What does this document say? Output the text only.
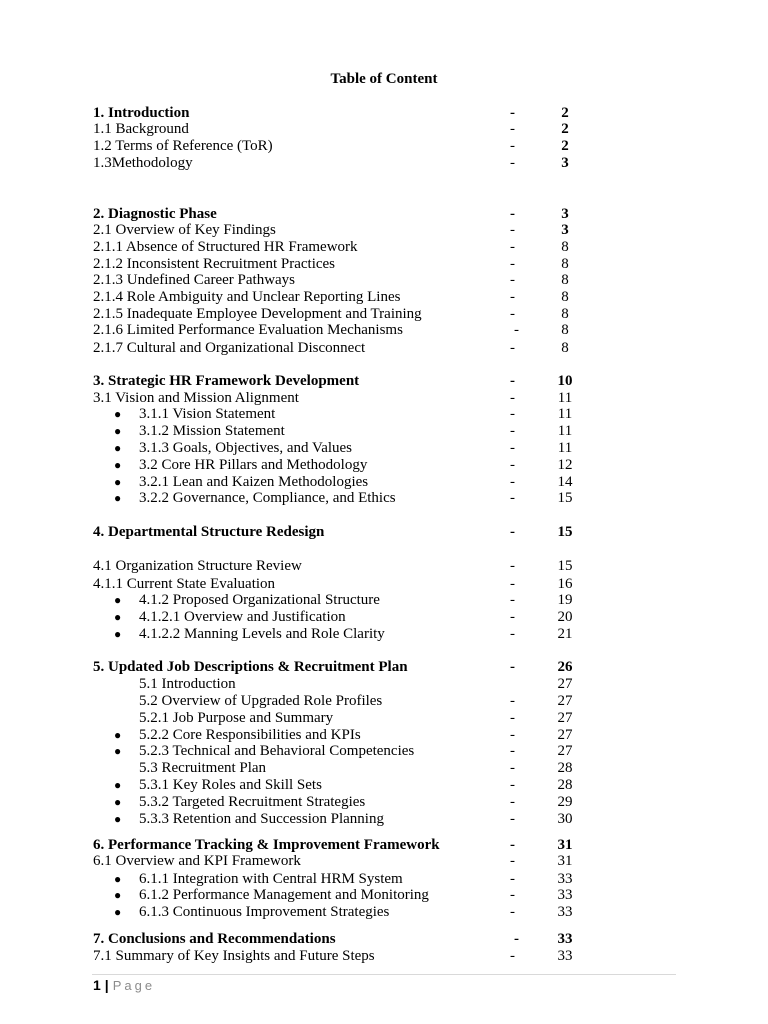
Table of Content
1. Introduction	-	2
1.1 Background	-	2
1.2 Terms of Reference (ToR)	-	2
1.3Methodology	-	3
2. Diagnostic Phase	-	3
2.1 Overview of Key Findings	-	3
2.1.1 Absence of Structured HR Framework	-	8
2.1.2 Inconsistent Recruitment Practices	-	8
2.1.3 Undefined Career Pathways	-	8
2.1.4 Role Ambiguity and Unclear Reporting Lines	-	8
2.1.5 Inadequate Employee Development and Training	-	8
2.1.6 Limited Performance Evaluation Mechanisms	-	8
2.1.7 Cultural and Organizational Disconnect	-	8
3. Strategic HR Framework Development	-	10
3.1 Vision and Mission Alignment	-	11
● 3.1.1 Vision Statement	-	11
● 3.1.2 Mission Statement	-	11
● 3.1.3 Goals, Objectives, and Values	-	11
● 3.2 Core HR Pillars and Methodology	-	12
● 3.2.1 Lean and Kaizen Methodologies	-	14
● 3.2.2 Governance, Compliance, and Ethics	-	15
4. Departmental Structure Redesign	-	15
4.1 Organization Structure Review	-	15
4.1.1 Current State Evaluation	-	16
● 4.1.2 Proposed Organizational Structure	-	19
● 4.1.2.1 Overview and Justification	-	20
● 4.1.2.2 Manning Levels and Role Clarity	-	21
5. Updated Job Descriptions & Recruitment Plan	-	26
5.1 Introduction	27
5.2 Overview of Upgraded Role Profiles	-	27
5.2.1 Job Purpose and Summary	-	27
● 5.2.2 Core Responsibilities and KPIs	-	27
● 5.2.3 Technical and Behavioral Competencies	-	27
5.3 Recruitment Plan	-	28
● 5.3.1 Key Roles and Skill Sets	-	28
● 5.3.2 Targeted Recruitment Strategies	-	29
● 5.3.3 Retention and Succession Planning	-	30
6. Performance Tracking & Improvement Framework	-	31
6.1 Overview and KPI Framework	-	31
● 6.1.1 Integration with Central HRM System	-	33
● 6.1.2 Performance Management and Monitoring	-	33
● 6.1.3 Continuous Improvement Strategies	-	33
7. Conclusions and Recommendations	-	33
7.1 Summary of Key Insights and Future Steps	-	33
1 | Page
